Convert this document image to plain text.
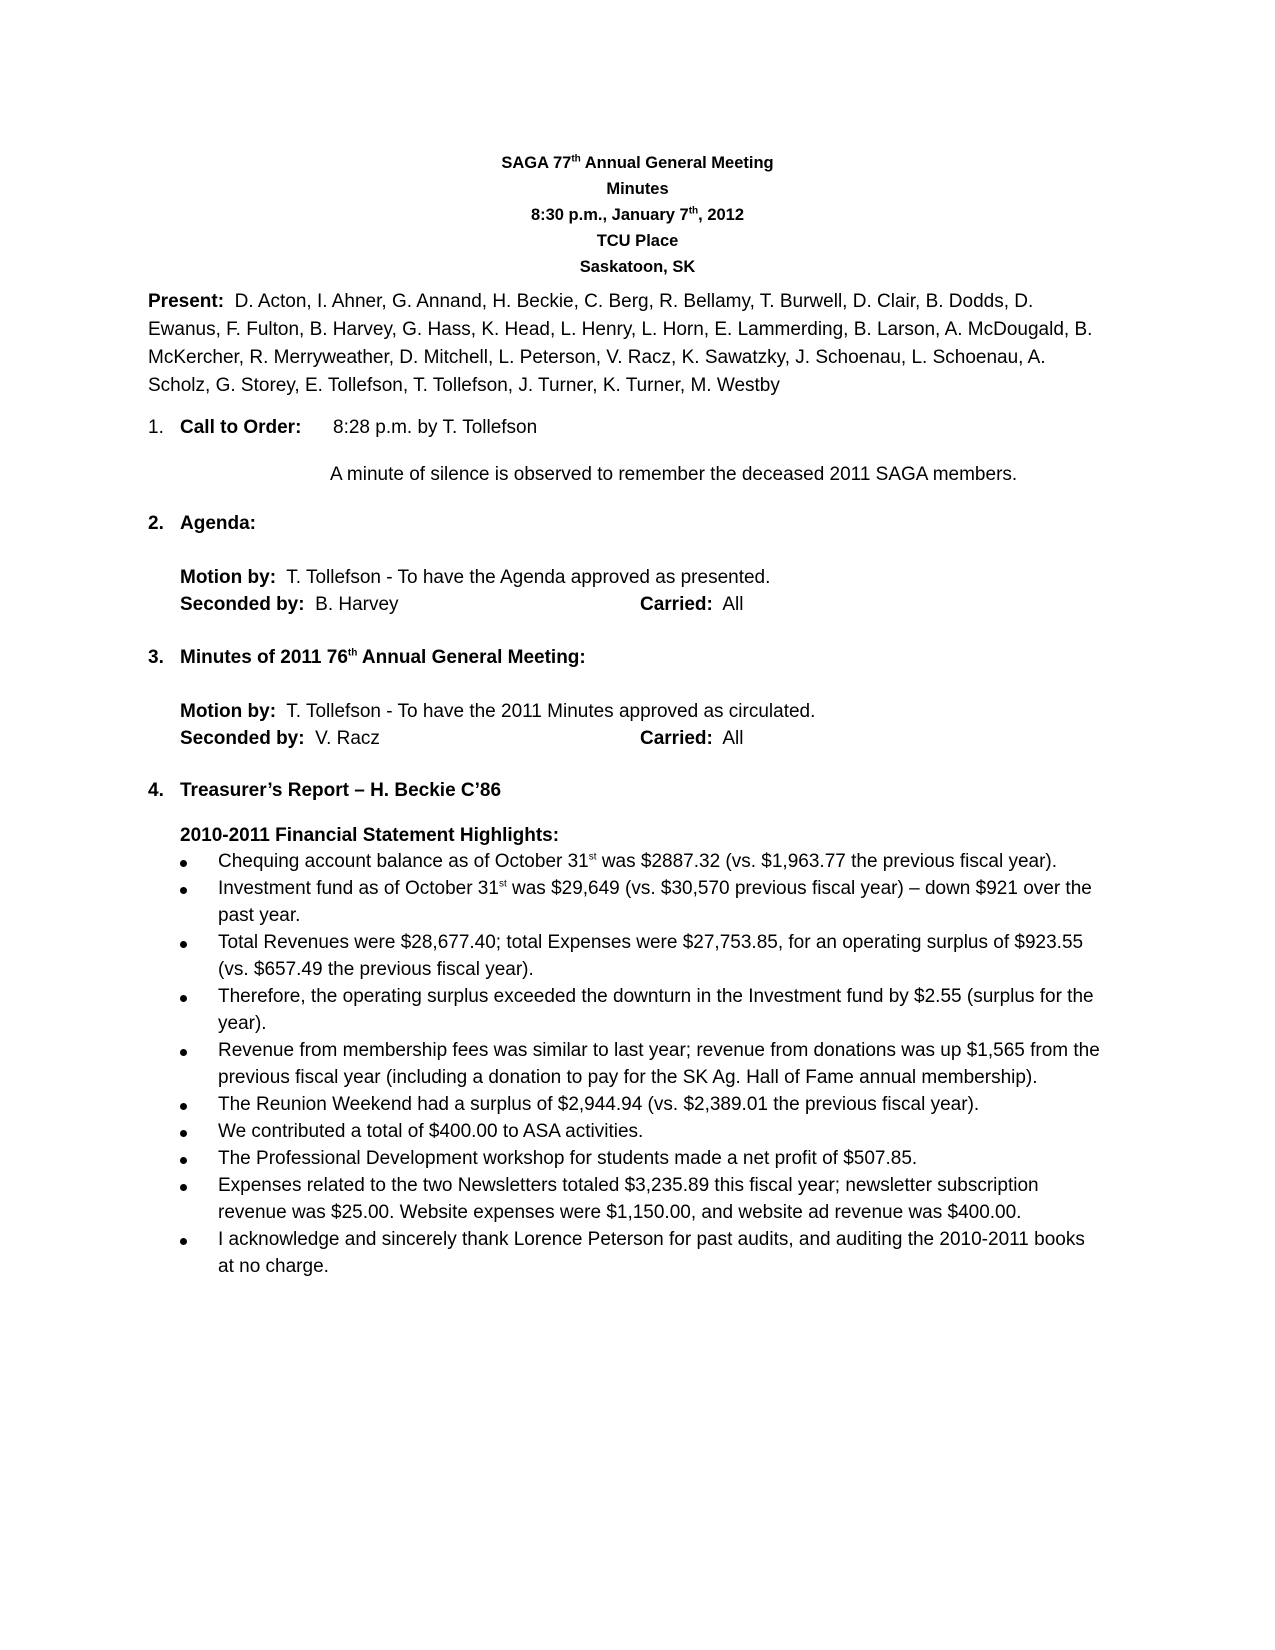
SAGA 77th Annual General Meeting
Minutes
8:30 p.m., January 7th, 2012
TCU Place
Saskatoon, SK
Present: D. Acton, I. Ahner, G. Annand, H. Beckie, C. Berg, R. Bellamy, T. Burwell, D. Clair, B. Dodds, D. Ewanus, F. Fulton, B. Harvey, G. Hass, K. Head, L. Henry, L. Horn, E. Lammerding, B. Larson, A. McDougald, B. McKercher, R. Merryweather, D. Mitchell, L. Peterson, V. Racz, K. Sawatzky, J. Schoenau, L. Schoenau, A. Scholz, G. Storey, E. Tollefson, T. Tollefson, J. Turner, K. Turner, M. Westby
1. Call to Order: 8:28 p.m. by T. Tollefson
A minute of silence is observed to remember the deceased 2011 SAGA members.
2. Agenda:
Motion by: T. Tollefson - To have the Agenda approved as presented.
Seconded by: B. Harvey	Carried: All
3. Minutes of 2011 76th Annual General Meeting:
Motion by: T. Tollefson - To have the 2011 Minutes approved as circulated.
Seconded by: V. Racz	Carried: All
4. Treasurer’s Report – H. Beckie C’86
2010-2011 Financial Statement Highlights:
Chequing account balance as of October 31st was $2887.32 (vs. $1,963.77 the previous fiscal year).
Investment fund as of October 31st was $29,649 (vs. $30,570 previous fiscal year) – down $921 over the past year.
Total Revenues were $28,677.40; total Expenses were $27,753.85, for an operating surplus of $923.55 (vs. $657.49 the previous fiscal year).
Therefore, the operating surplus exceeded the downturn in the Investment fund by $2.55 (surplus for the year).
Revenue from membership fees was similar to last year; revenue from donations was up $1,565 from the previous fiscal year (including a donation to pay for the SK Ag. Hall of Fame annual membership).
The Reunion Weekend had a surplus of $2,944.94 (vs. $2,389.01 the previous fiscal year).
We contributed a total of $400.00 to ASA activities.
The Professional Development workshop for students made a net profit of $507.85.
Expenses related to the two Newsletters totaled $3,235.89 this fiscal year; newsletter subscription revenue was $25.00. Website expenses were $1,150.00, and website ad revenue was $400.00.
I acknowledge and sincerely thank Lorence Peterson for past audits, and auditing the 2010-2011 books at no charge.
